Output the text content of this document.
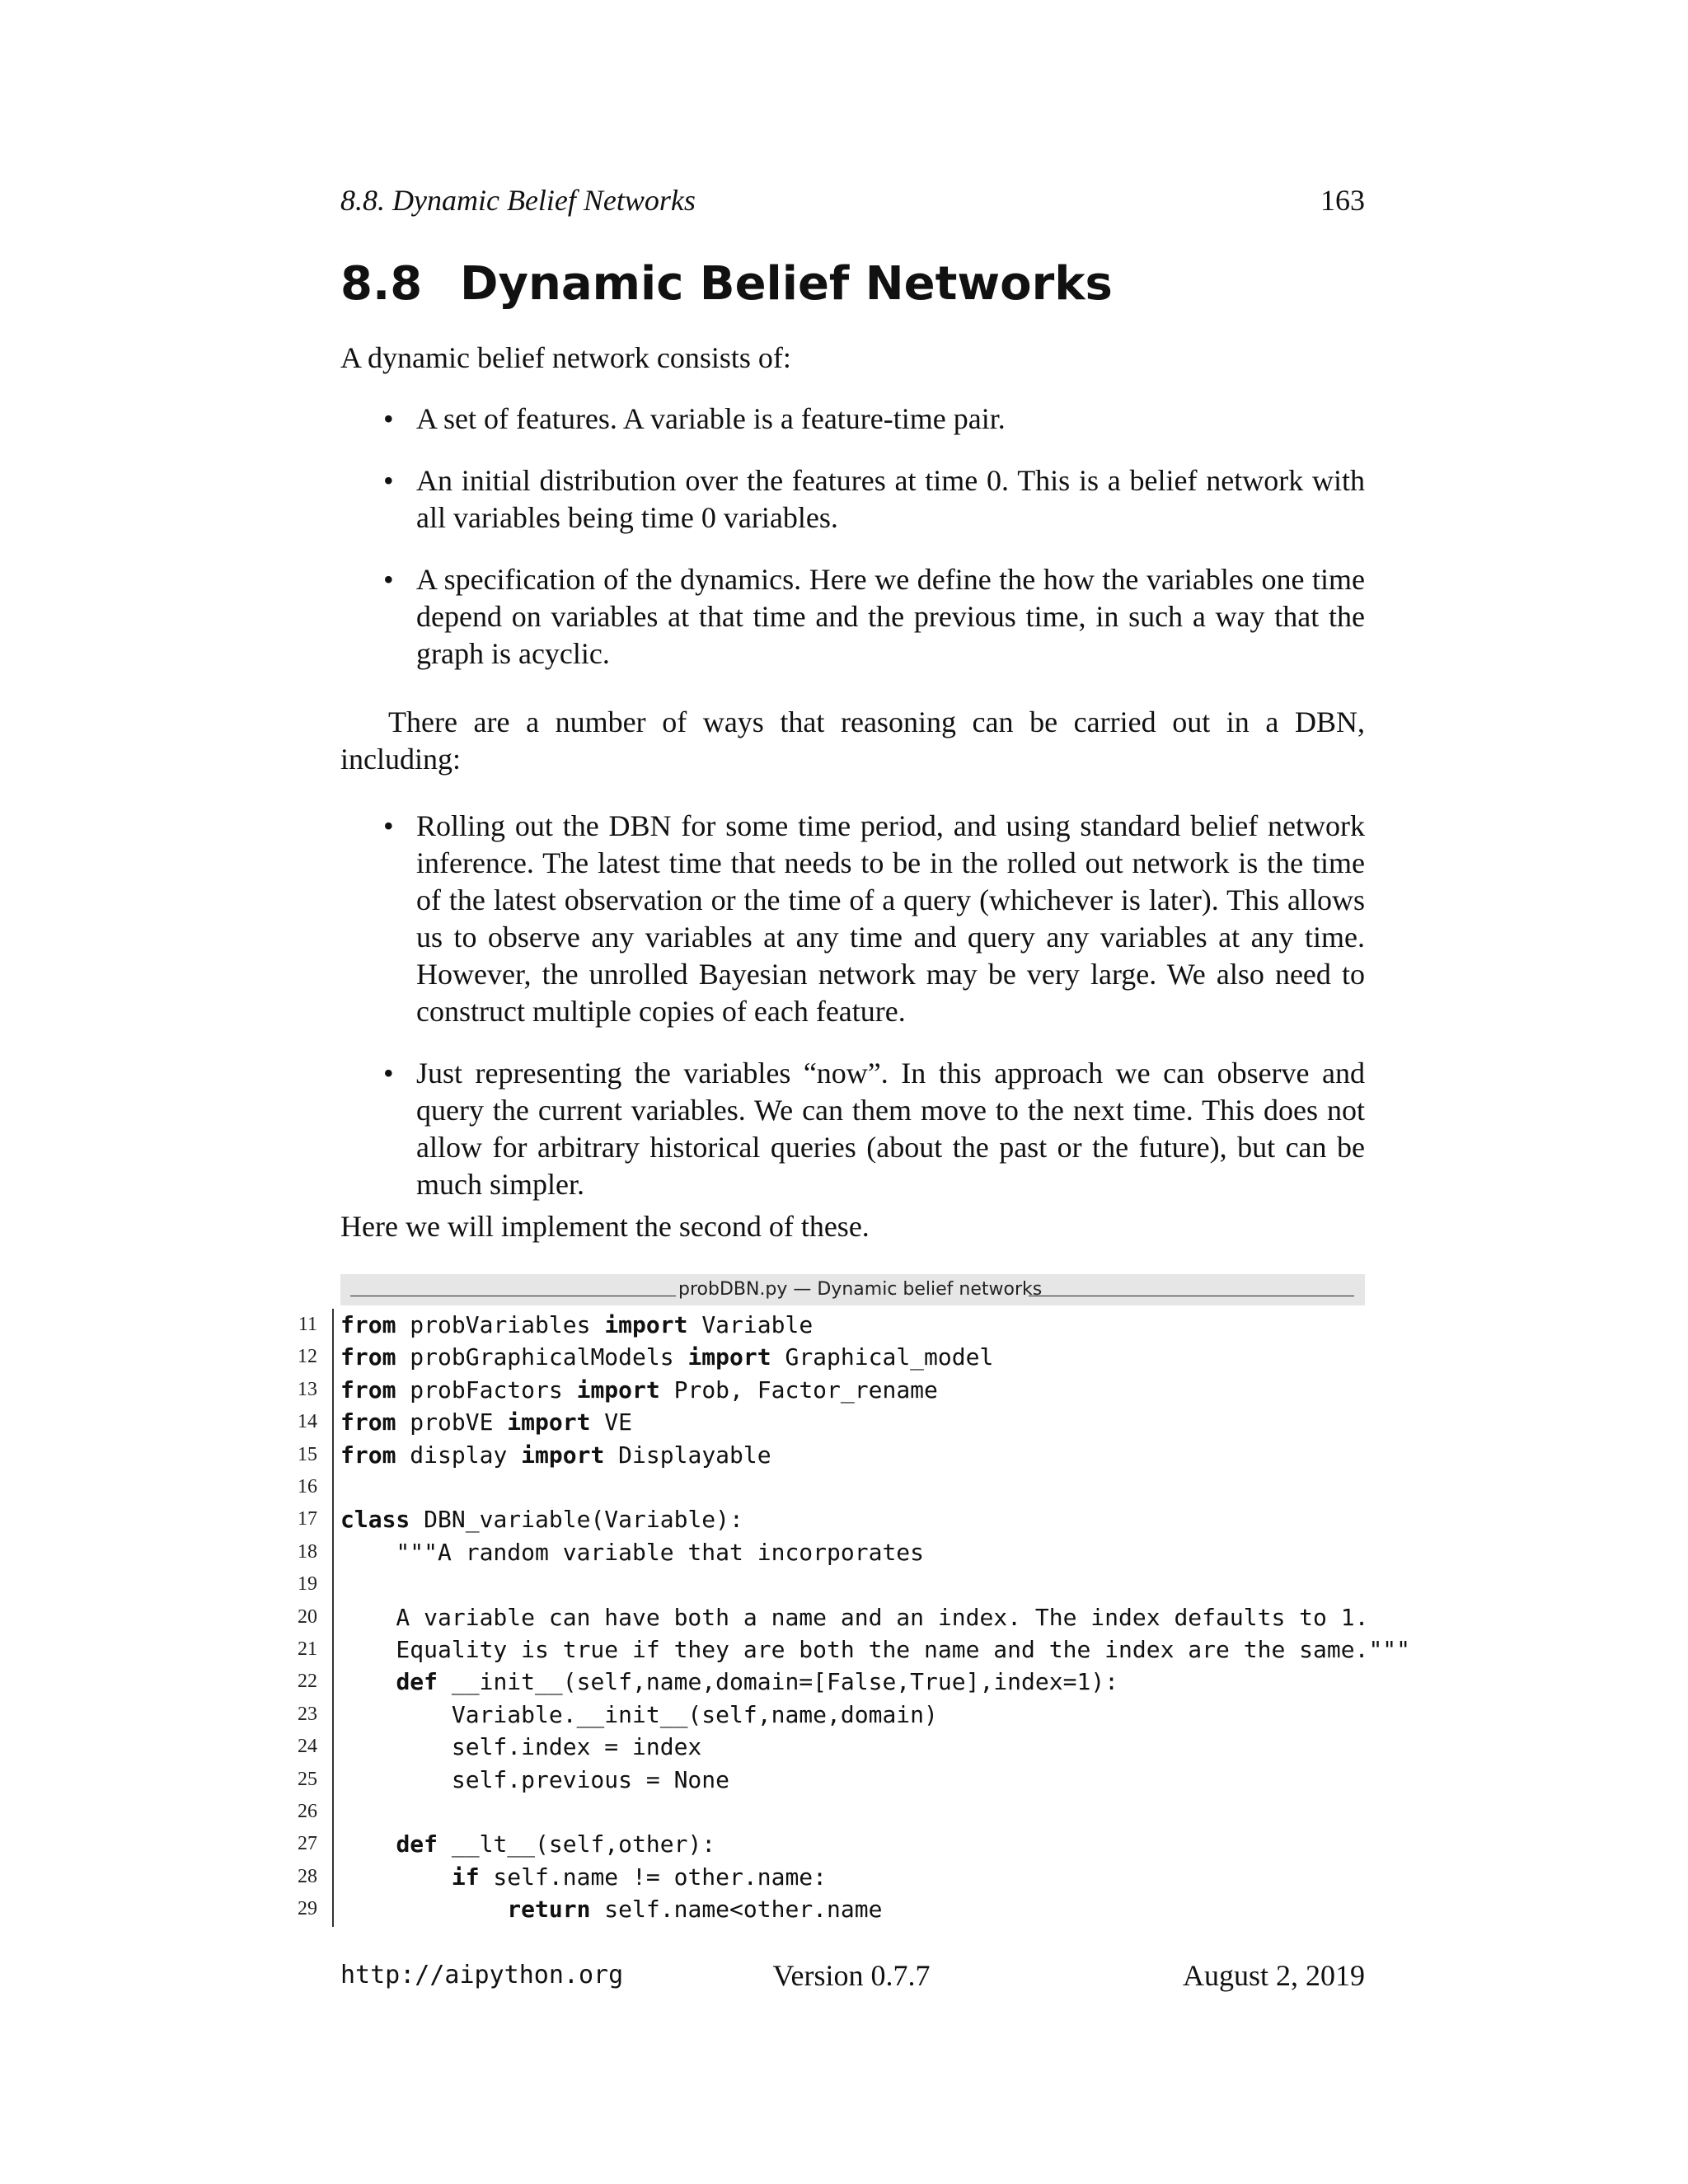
8.8. Dynamic Belief Networks	163
8.8 Dynamic Belief Networks
A dynamic belief network consists of:
• A set of features. A variable is a feature-time pair.
• An initial distribution over the features at time 0. This is a belief network with all variables being time 0 variables.
• A specification of the dynamics. Here we define the how the variables one time depend on variables at that time and the previous time, in such a way that the graph is acyclic.
There are a number of ways that reasoning can be carried out in a DBN, including:
• Rolling out the DBN for some time period, and using standard belief network inference. The latest time that needs to be in the rolled out network is the time of the latest observation or the time of a query (whichever is later). This allows us to observe any variables at any time and query any variables at any time. However, the unrolled Bayesian network may be very large. We also need to construct multiple copies of each feature.
• Just representing the variables “now”. In this approach we can observe and query the current variables. We can them move to the next time. This does not allow for arbitrary historical queries (about the past or the future), but can be much simpler.
Here we will implement the second of these.
probDBN.py — Dynamic belief networks
11 from probVariables import Variable
12 from probGraphicalModels import Graphical_model
13 from probFactors import Prob, Factor_rename
14 from probVE import VE
15 from display import Displayable
16
17 class DBN_variable(Variable):
18 """A random variable that incorporates
19
20 A variable can have both a name and an index. The index defaults to 1.
21 Equality is true if they are both the name and the index are the same."""
22	def __init__(self,name,domain=[False,True],index=1):
23 Variable.__init__(self,name,domain)
24 self.index = index
25 self.previous = None
26
27	def __lt__(self,other):
28	if self.name != other.name:
29	return self.name<other.name
http://aipython.org	Version 0.7.7	August 2, 2019
